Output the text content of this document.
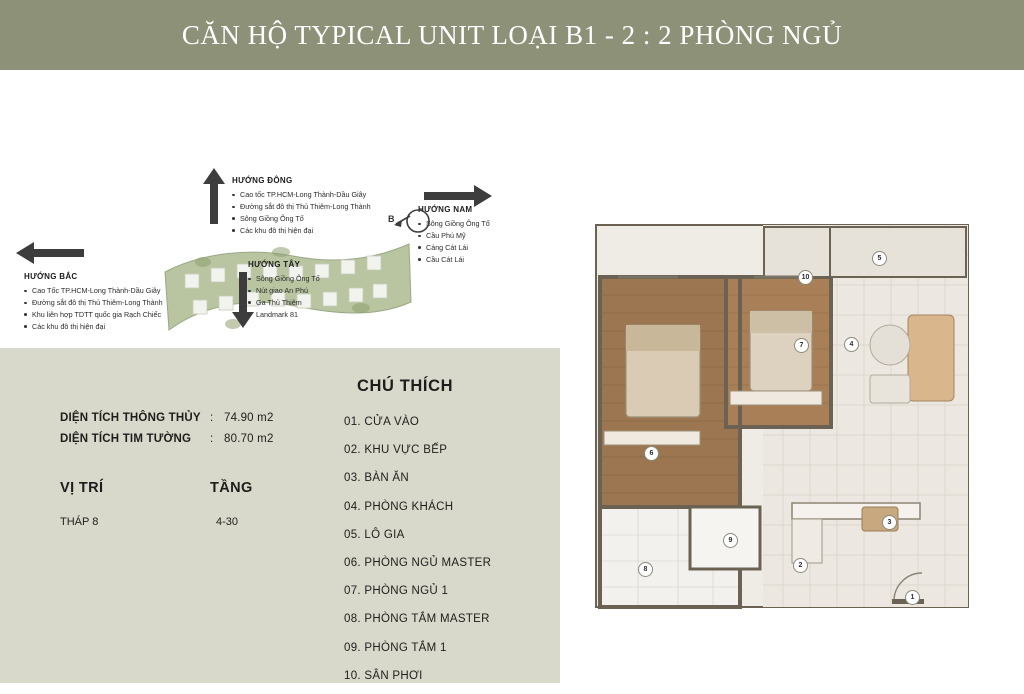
CĂN HỘ TYPICAL UNIT LOẠI B1 - 2 : 2 PHÒNG NGỦ
HƯỚNG ĐÔNG
Cao tốc TP.HCM-Long Thành-Dầu Giây
Đường sắt đô thị Thủ Thiêm-Long Thành
Sông Giồng Ông Tố
Các khu đô thị hiện đại
HƯỚNG BẮC
Cao Tốc TP.HCM-Long Thành-Dầu Giây
Đường sắt đô thị Thủ Thiêm-Long Thành
Khu liên hợp TDTT quốc gia Rạch Chiếc
Các khu đô thị hiện đại
HƯỚNG NAM
Sông Giồng Ông Tố
Cầu Phú Mỹ
Cảng Cát Lái
Cầu Cát Lái
HƯỚNG TÂY
Sông Giồng Ông Tố
Nút giao An Phú
Ga Thủ Thiêm
Landmark 81
B
DIỆN TÍCH THÔNG THỦY : 74.90 m2
DIỆN TÍCH TIM TƯỜNG	: 80.70 m2
VỊ TRÍ	TẦNG
THÁP 8	4-30
CHÚ THÍCH
01. CỬA VÀO
02. KHU VỰC BẾP
03. BÀN ĂN
04. PHÒNG KHÁCH
05. LÔ GIA
06. PHÒNG NGỦ MASTER
07. PHÒNG NGỦ 1
08. PHÒNG TẮM MASTER
09. PHÒNG TẮM 1
10. SÂN PHƠI
1
2
3
4
5
6
7
8
9
10
